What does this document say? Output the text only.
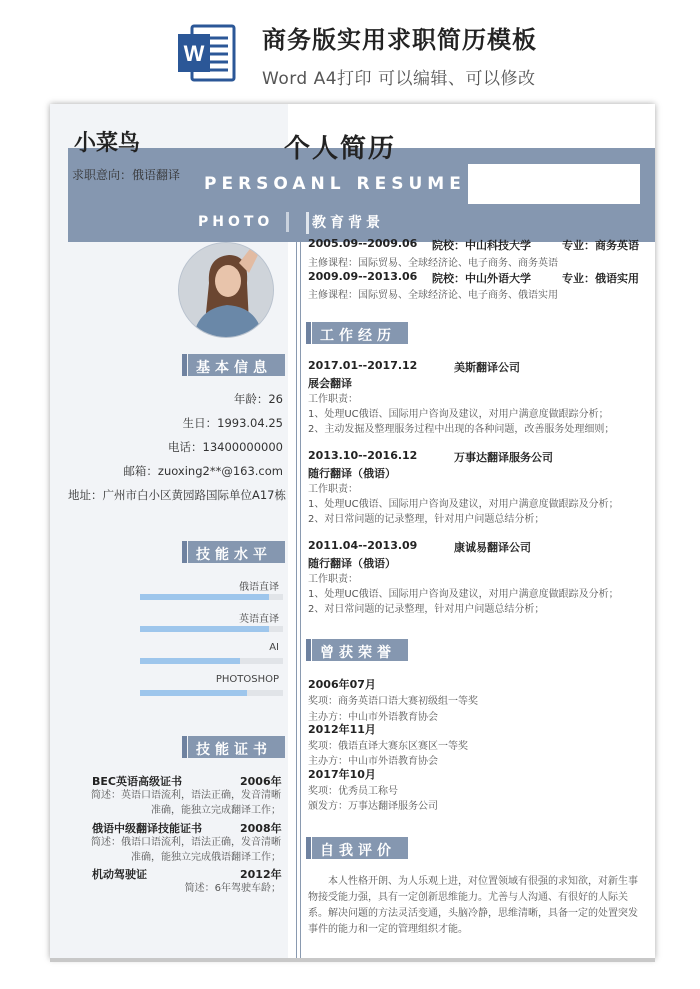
W 商务版实用求职简历模板
Word A4打印 可以编辑、可以修改
小菜鸟
求职意向：俄语翻译
个人简历
PERSOANL RESUME
PHOTO	教育背景
基本信息
年龄：26
生日：1993.04.25
电话：13400000000
邮箱：zuoxing2**@163.com
地址：广州市白小区黄园路国际单位A17栋
技能水平
俄语直译
英语直译
AI
PHOTOSHOP
技能证书
BEC英语高级证书	2006年
简述：英语口语流利，语法正确，发音清晰
准确，能独立完成翻译工作；
俄语中级翻译技能证书	2008年
简述：俄语口语流利，语法正确，发音清晰
准确，能独立完成俄语翻译工作；
机动驾驶证	2012年
简述：6年驾驶车龄；
2005.09--2009.06 院校：中山科技大学	专业：商务英语
主修课程：国际贸易、全球经济论、电子商务、商务英语
2009.09--2013.06 院校：中山外语大学	专业：俄语实用
主修课程：国际贸易、全球经济论、电子商务、俄语实用
工作经历
2017.01--2017.12	美斯翻译公司
展会翻译
工作职责：
1、处理UC俄语、国际用户咨询及建议，对用户满意度做跟踪分析；
2、主动发掘及整理服务过程中出现的各种问题，改善服务处理细则；
2013.10--2016.12	万事达翻译服务公司
随行翻译（俄语）
工作职责：
1、处理UC俄语、国际用户咨询及建议，对用户满意度做跟踪及分析；
2、对日常问题的记录整理，针对用户问题总结分析；
2011.04--2013.09	康诚易翻译公司
随行翻译（俄语）
工作职责：
1、处理UC俄语、国际用户咨询及建议，对用户满意度做跟踪及分析；
2、对日常问题的记录整理，针对用户问题总结分析；
曾获荣誉
2006年07月
奖项：商务英语口语大赛初级组一等奖
主办方：中山市外语教育协会
2012年11月
奖项：俄语直译大赛东区赛区一等奖
主办方：中山市外语教育协会
2017年10月
奖项：优秀员工称号
颁发方：万事达翻译服务公司
自我评价
本人性格开朗、为人乐观上进，对位置领域有很强的求知欲，对新生事物接受能力强，具有一定创新思维能力。尤善与人沟通、有很好的人际关系。解决问题的方法灵活变通，头脑冷静，思维清晰，具备一定的处置突发事件的能力和一定的管理组织才能。
